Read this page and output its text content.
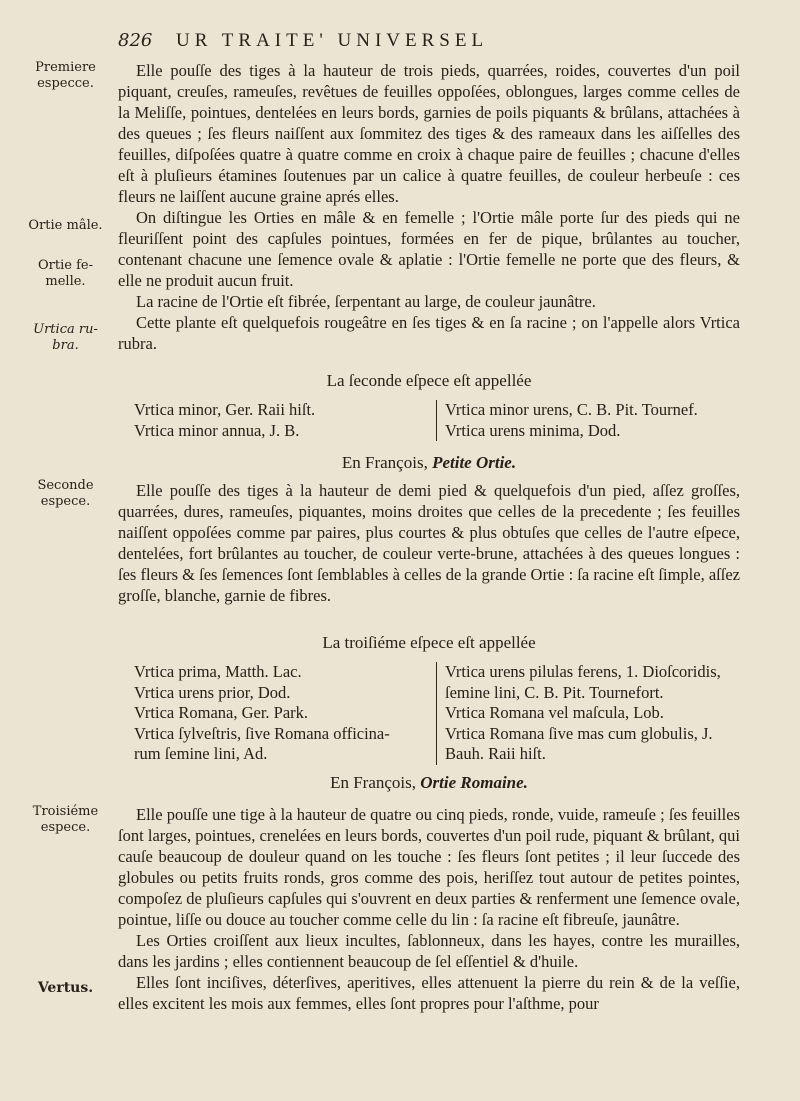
826 UR TRAITE' UNIVERSEL
Premiere especce.
Ortie mâle.
Ortie fe- melle.
Urtica ru- bra.
Seconde espece.
Troisiéme espece.
Vertus.

Elle pouſſe des tiges à la hauteur de trois pieds, quarrées, roides, couvertes d'un poil piquant, creuſes, rameuſes, revêtues de feuilles oppoſées, oblongues, larges comme celles de la Meliſſe, pointues, dentelées en leurs bords, garnies de poils piquants & brûlans, attachées à des queues ; ſes fleurs naiſſent aux ſommitez des tiges & des rameaux dans les aiſſelles des feuilles, diſpoſées quatre à quatre comme en croix à chaque paire de feuilles ; chacune d'elles eſt à pluſieurs étamines ſoutenues par un calice à quatre feuilles, de couleur herbeuſe : ces fleurs ne laiſſent aucune graine aprés elles.

On diſtingue les Orties en mâle & en femelle ; l'Ortie mâle porte ſur des pieds qui ne fleuriſſent point des capſules pointues, formées en fer de pique, brûlantes au toucher, contenant chacune une ſemence ovale & aplatie : l'Ortie femelle ne porte que des fleurs, & elle ne produit aucun fruit.

La racine de l'Ortie eſt fibrée, ſerpentant au large, de couleur jaunâtre.

Cette plante eſt quelquefois rougeâtre en ſes tiges & en ſa racine ; on l'appelle alors Vrtica rubra.

La ſeconde eſpece eſt appellée
Vrtica minor, Ger. Raii hiſt.
Vrtica minor annua, J. B.
Vrtica minor urens, C. B. Pit. Tournef.
Vrtica urens minima, Dod.
En François, Petite Ortie.

Elle pouſſe des tiges à la hauteur de demi pied & quelquefois d'un pied, aſſez groſſes, quarrées, dures, rameuſes, piquantes, moins droites que celles de la precedente ; ſes feuilles naiſſent oppoſées comme par paires, plus courtes & plus obtuſes que celles de l'autre eſpece, dentelées, fort brûlantes au toucher, de couleur verte-brune, attachées à des queues longues : ſes fleurs & ſes ſemences ſont ſemblables à celles de la grande Ortie : ſa racine eſt ſimple, aſſez groſſe, blanche, garnie de fibres.

La troiſiéme eſpece eſt appellée
Vrtica prima, Matth. Lac.
Vrtica urens prior, Dod.
Vrtica Romana, Ger. Park.
Vrtica ſylveſtris, ſive Romana officina-
rum ſemine lini, Ad.
Vrtica urens pilulas ferens, 1. Dioſcoridis,
ſemine lini, C. B. Pit. Tournefort.
Vrtica Romana vel maſcula, Lob.
Vrtica Romana ſive mas cum globulis, J.
Bauh. Raii hiſt.
En François, Ortie Romaine.

Elle pouſſe une tige à la hauteur de quatre ou cinq pieds, ronde, vuide, rameuſe ; ſes feuilles ſont larges, pointues, crenelées en leurs bords, couvertes d'un poil rude, piquant & brûlant, qui cauſe beaucoup de douleur quand on les touche : ſes fleurs ſont petites ; il leur ſuccede des globules ou petits fruits ronds, gros comme des pois, heriſſez tout autour de petites pointes, compoſez de pluſieurs capſules qui s'ouvrent en deux parties & renferment une ſemence ovale, pointue, liſſe ou douce au toucher comme celle du lin : ſa racine eſt fibreuſe, jaunâtre.

Les Orties croiſſent aux lieux incultes, ſablonneux, dans les hayes, contre les murailles, dans les jardins ; elles contiennent beaucoup de ſel eſſentiel & d'huile.

Elles ſont inciſives, déterſives, aperitives, elles attenuent la pierre du rein & de la veſſie, elles excitent les mois aux femmes, elles ſont propres pour l'aſthme, pour
